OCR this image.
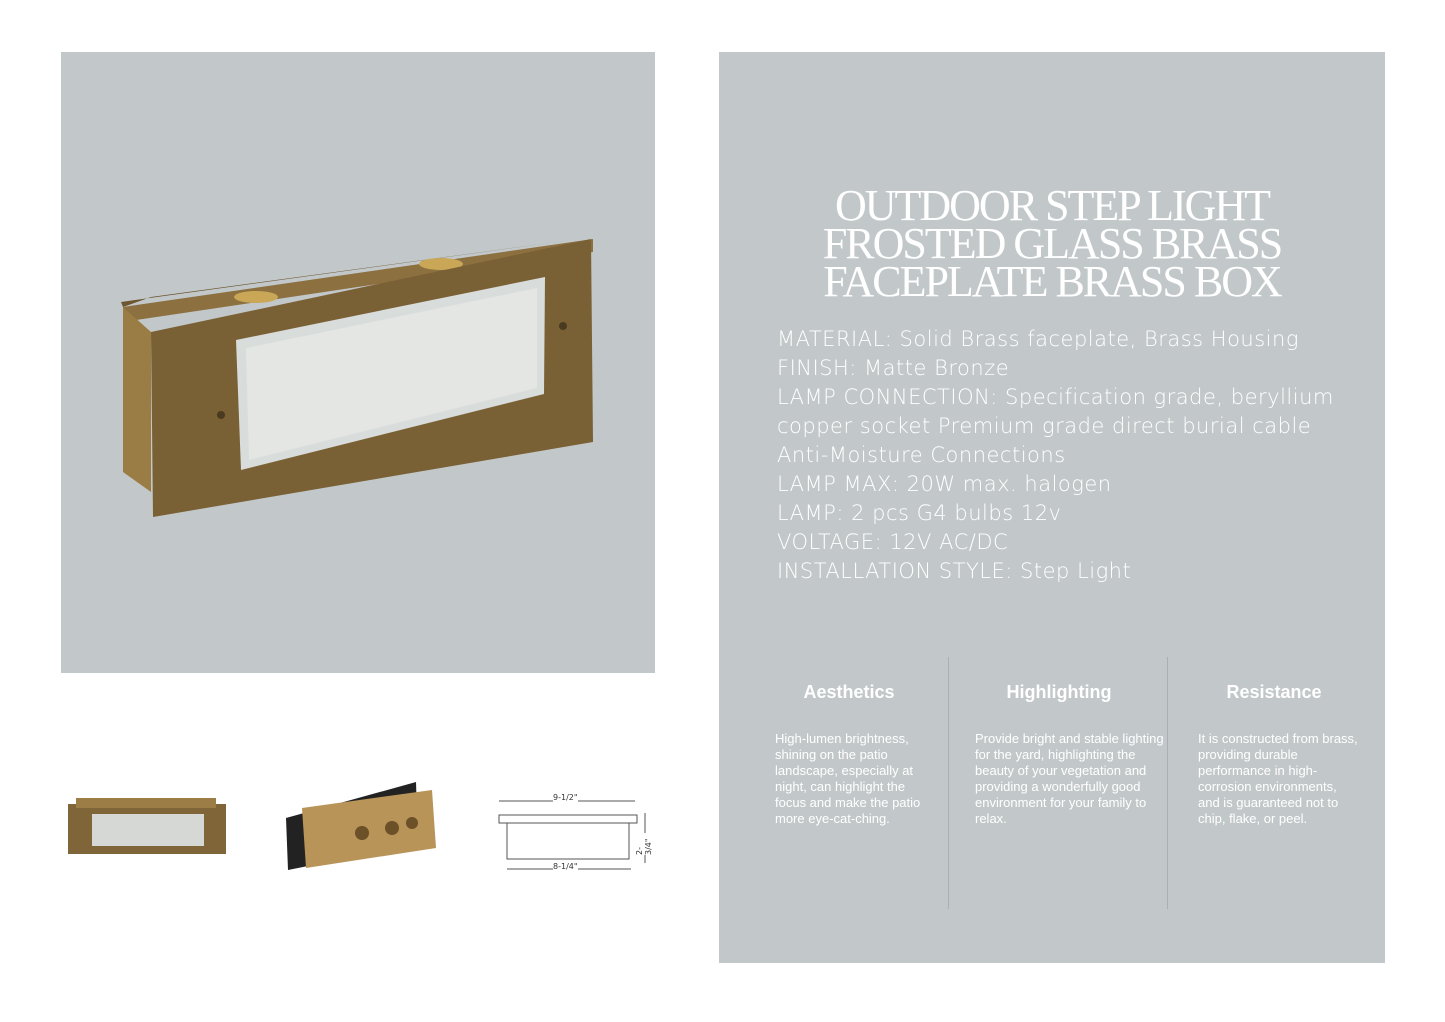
9-1/2"
8-1/4"
2-3/4"
OUTDOOR STEP LIGHT
FROSTED GLASS BRASS
FACEPLATE BRASS BOX
MATERIAL: Solid Brass faceplate, Brass Housing
FINISH: Matte Bronze
LAMP CONNECTION: Specification grade, beryllium
copper socket Premium grade direct burial cable
Anti-Moisture Connections
LAMP MAX: 20W max. halogen
LAMP: 2 pcs G4 bulbs 12v
VOLTAGE: 12V AC/DC
INSTALLATION STYLE: Step Light
Aesthetics

High-lumen brightness, shining on the patio landscape, especially at night, can highlight the focus and make the patio more eye-cat-ching.

Highlighting

Provide bright and stable lighting for the yard, highlighting the beauty of your vegetation and providing a wonderfully good environment for your family to relax.

Resistance

It is constructed from brass, providing durable performance in high-corrosion environments, and is guaranteed not to chip, flake, or peel.
